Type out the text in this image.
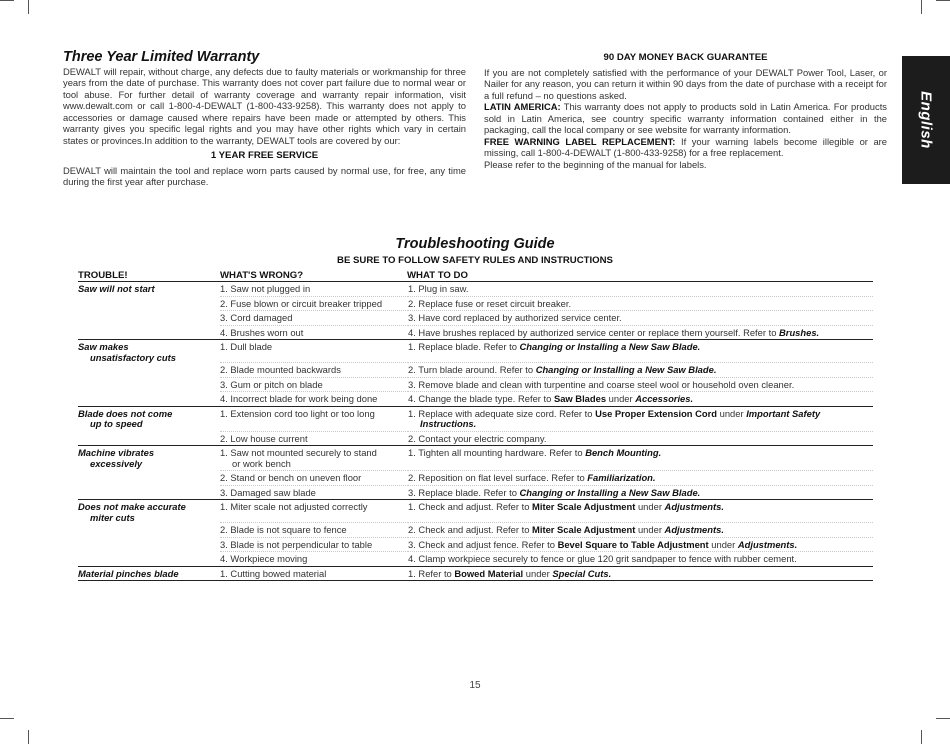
English
Three Year Limited Warranty

DEWALT will repair, without charge, any defects due to faulty materials or workmanship for three years from the date of purchase. This warranty does not cover part failure due to normal wear or tool abuse. For further detail of warranty coverage and warranty repair information, visit www.dewalt.com or call 1-800-4-DEWALT (1-800-433-9258). This warranty does not apply to accessories or damage caused where repairs have been made or attempted by others. This warranty gives you specific legal rights and you may have other rights which vary in certain states or provinces.In addition to the warranty, DEWALT tools are covered by our:

1 YEAR FREE SERVICE

DEWALT will maintain the tool and replace worn parts caused by normal use, for free, any time during the first year after purchase.

90 DAY MONEY BACK GUARANTEE

If you are not completely satisfied with the performance of your DEWALT Power Tool, Laser, or Nailer for any reason, you can return it within 90 days from the date of purchase with a receipt for a full refund – no questions asked.

LATIN AMERICA: This warranty does not apply to products sold in Latin America. For products sold in Latin America, see country specific warranty information contained either in the packaging, call the local company or see website for warranty information.

FREE WARNING LABEL REPLACEMENT: If your warning labels become illegible or are missing, call 1-800-4-DEWALT (1-800-433-9258) for a free replacement.

Please refer to the beginning of the manual for labels.

Troubleshooting Guide
BE SURE TO FOLLOW SAFETY RULES AND INSTRUCTIONS
TROUBLE!	WHAT'S WRONG?	WHAT TO DO
Saw will not start	1. Saw not plugged in	1. Plug in saw.
2. Fuse blown or circuit breaker tripped	2. Replace fuse or reset circuit breaker.
3. Cord damaged	3. Have cord replaced by authorized service center.
4. Brushes worn out	4. Have brushes replaced by authorized service center or replace them yourself. Refer to Brushes.
Saw makes
unsatisfactory cuts
1. Dull blade	1. Replace blade. Refer to Changing or Installing a New Saw Blade.
2. Blade mounted backwards	2. Turn blade around. Refer to Changing or Installing a New Saw Blade.
3. Gum or pitch on blade	3. Remove blade and clean with turpentine and coarse steel wool or household oven cleaner.
4. Incorrect blade for work being done	4. Change the blade type. Refer to Saw Blades under Accessories.
Blade does not come
up to speed
1. Extension cord too light or too long	1. Replace with adequate size cord. Refer to Use Proper Extension Cord under Important Safety
Instructions.
2. Low house current	2. Contact your electric company.
Machine vibrates
excessively
1. Saw not mounted securely to stand
or work bench
1. Tighten all mounting hardware. Refer to Bench Mounting.
2. Stand or bench on uneven floor	2. Reposition on flat level surface. Refer to Familiarization.
3. Damaged saw blade	3. Replace blade. Refer to Changing or Installing a New Saw Blade.
Does not make accurate
miter cuts
1. Miter scale not adjusted correctly	1. Check and adjust. Refer to Miter Scale Adjustment under Adjustments.
2. Blade is not square to fence	2. Check and adjust. Refer to Miter Scale Adjustment under Adjustments.
3. Blade is not perpendicular to table	3. Check and adjust fence. Refer to Bevel Square to Table Adjustment under Adjustments.
4. Workpiece moving	4. Clamp workpiece securely to fence or glue 120 grit sandpaper to fence with rubber cement.
Material pinches blade	1. Cutting bowed material	1. Refer to Bowed Material under Special Cuts.
15
